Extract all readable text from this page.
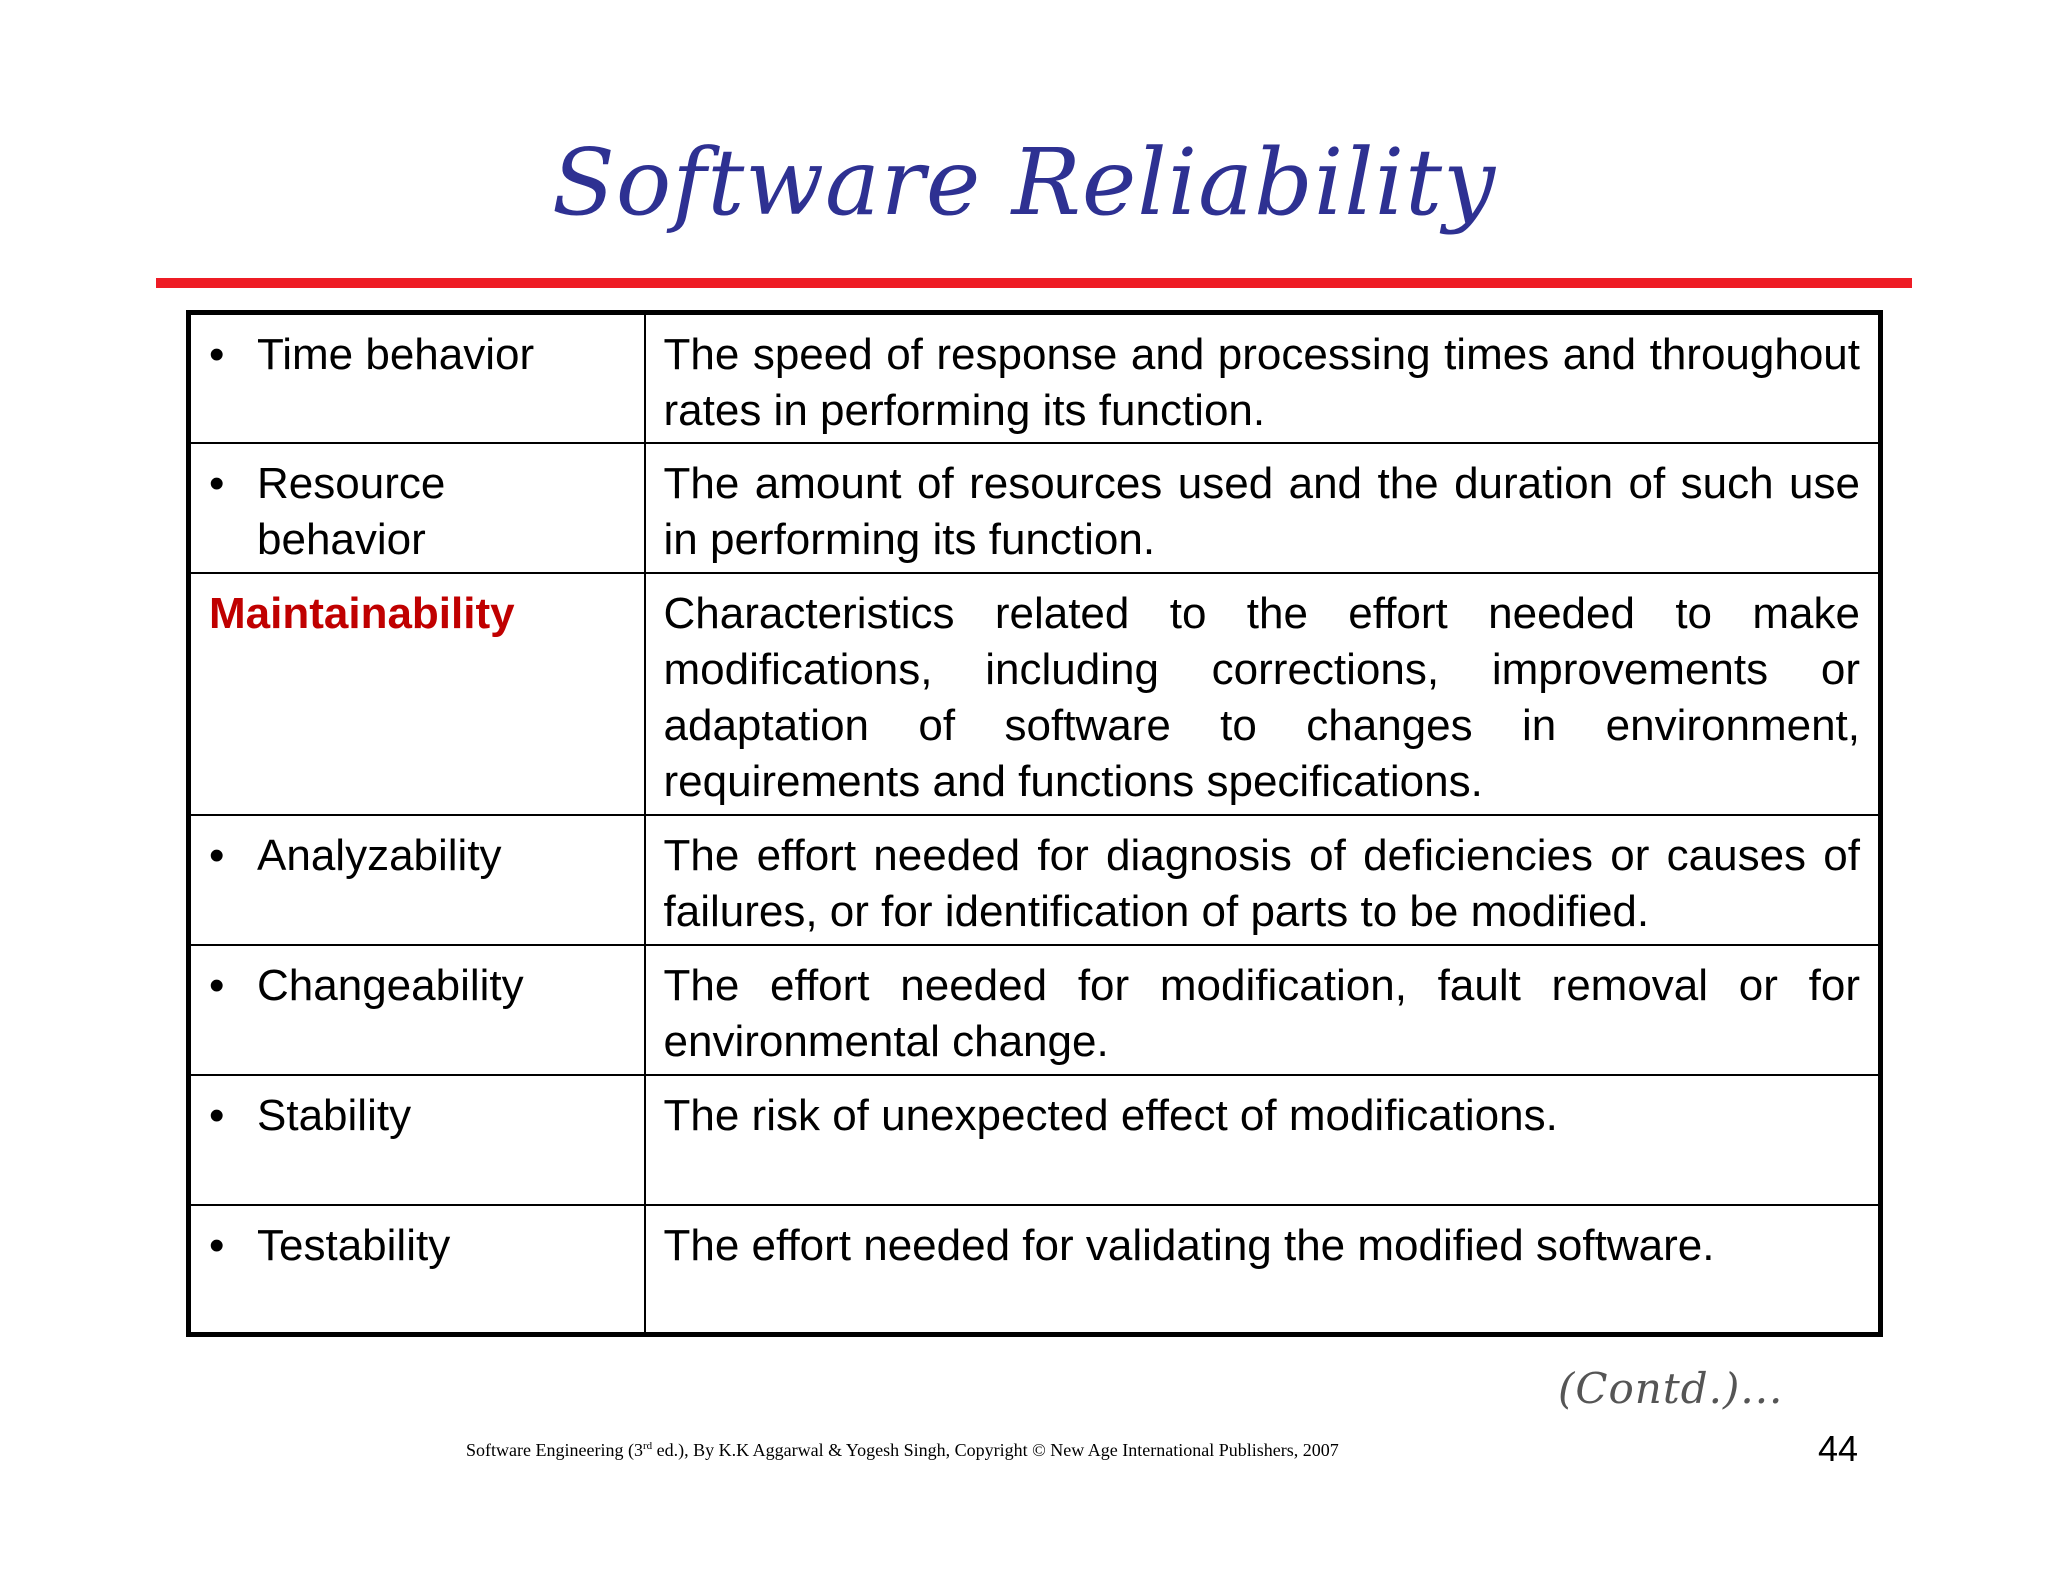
Software Reliability
• Time behavior	The speed of response and processing times and throughout rates in performing its function.

• Resource behavior	The amount of resources used and the duration of such use in performing its function.
Maintainability	Characteristics related to the effort needed to make modifications, including corrections, improvements or adaptation of software to changes in environment, requirements and functions specifications.

• Analyzability	The effort needed for diagnosis of deficiencies or causes of failures, or for identification of parts to be modified.

• Changeability	The effort needed for modification, fault removal or for environmental change.

• Stability	The risk of unexpected effect of modifications.

• Testability	The effort needed for validating the modified software.
(Contd.)...
Software Engineering (3rd ed.), By K.K Aggarwal & Yogesh Singh, Copyright © New Age International Publishers, 2007	44
